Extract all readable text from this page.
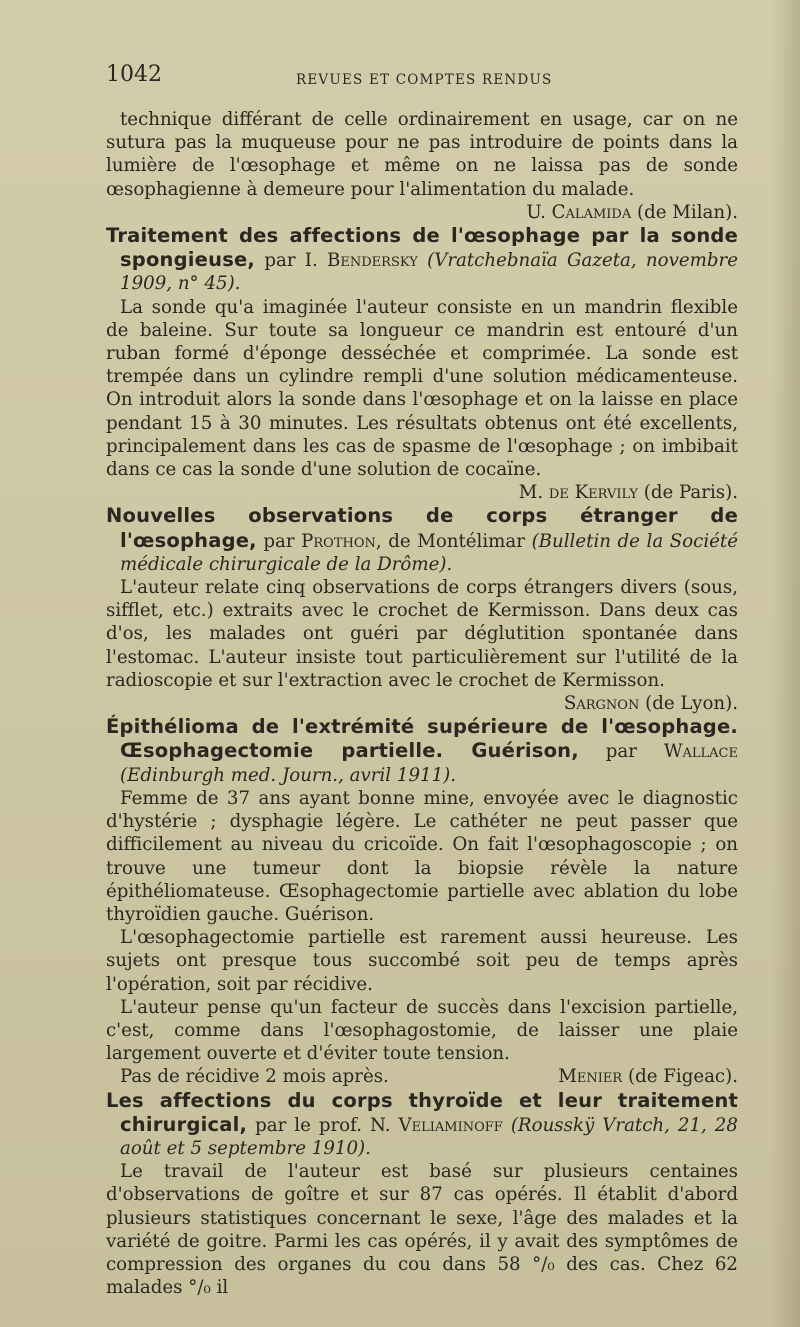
1042	REVUES ET COMPTES RENDUS

technique différant de celle ordinairement en usage, car on ne sutura pas la muqueuse pour ne pas introduire de points dans la lumière de l'œsophage et même on ne laissa pas de sonde œsophagienne à demeure pour l'alimentation du malade.

U. Calamida (de Milan).

Traitement des affections de l'œsophage par la sonde spongieuse, par I. Bendersky (Vratchebnaïa Gazeta, novembre 1909, n° 45).

La sonde qu'a imaginée l'auteur consiste en un mandrin flexible de baleine. Sur toute sa longueur ce mandrin est entouré d'un ruban formé d'éponge desséchée et comprimée. La sonde est trempée dans un cylindre rempli d'une solution médicamenteuse. On introduit alors la sonde dans l'œsophage et on la laisse en place pendant 15 à 30 minutes. Les résultats obtenus ont été excellents, principalement dans les cas de spasme de l'œsophage ; on imbibait dans ce cas la sonde d'une solution de cocaïne.

M. de Kervily (de Paris).

Nouvelles observations de corps étranger de l'œsophage, par Prothon, de Montélimar (Bulletin de la Société médicale chirurgicale de la Drôme).

L'auteur relate cinq observations de corps étrangers divers (sous, sifflet, etc.) extraits avec le crochet de Kermisson. Dans deux cas d'os, les malades ont guéri par déglutition spontanée dans l'estomac. L'auteur insiste tout particulièrement sur l'utilité de la radioscopie et sur l'extraction avec le crochet de Kermisson.

Sargnon (de Lyon).

Épithélioma de l'extrémité supérieure de l'œsophage. Œsophagectomie partielle. Guérison, par Wallace (Edinburgh med. Journ., avril 1911).

Femme de 37 ans ayant bonne mine, envoyée avec le diagnostic d'hystérie ; dysphagie légère. Le cathéter ne peut passer que difficilement au niveau du cricoïde. On fait l'œsophagoscopie ; on trouve une tumeur dont la biopsie révèle la nature épithéliomateuse. Œsophagectomie partielle avec ablation du lobe thyroïdien gauche. Guérison.

L'œsophagectomie partielle est rarement aussi heureuse. Les sujets ont presque tous succombé soit peu de temps après l'opération, soit par récidive.

L'auteur pense qu'un facteur de succès dans l'excision partielle, c'est, comme dans l'œsophagostomie, de laisser une plaie largement ouverte et d'éviter toute tension.

Pas de récidive 2 mois après.	Menier (de Figeac).

Les affections du corps thyroïde et leur traitement chirurgical, par le prof. N. Veliaminoff (Rousskÿ Vratch, 21, 28 août et 5 septembre 1910).

Le travail de l'auteur est basé sur plusieurs centaines d'observations de goître et sur 87 cas opérés. Il établit d'abord plusieurs statistiques concernant le sexe, l'âge des malades et la variété de goitre. Parmi les cas opérés, il y avait des symptômes de compression des organes du cou dans 58 °/₀ des cas. Chez 62 malades °/₀ il
